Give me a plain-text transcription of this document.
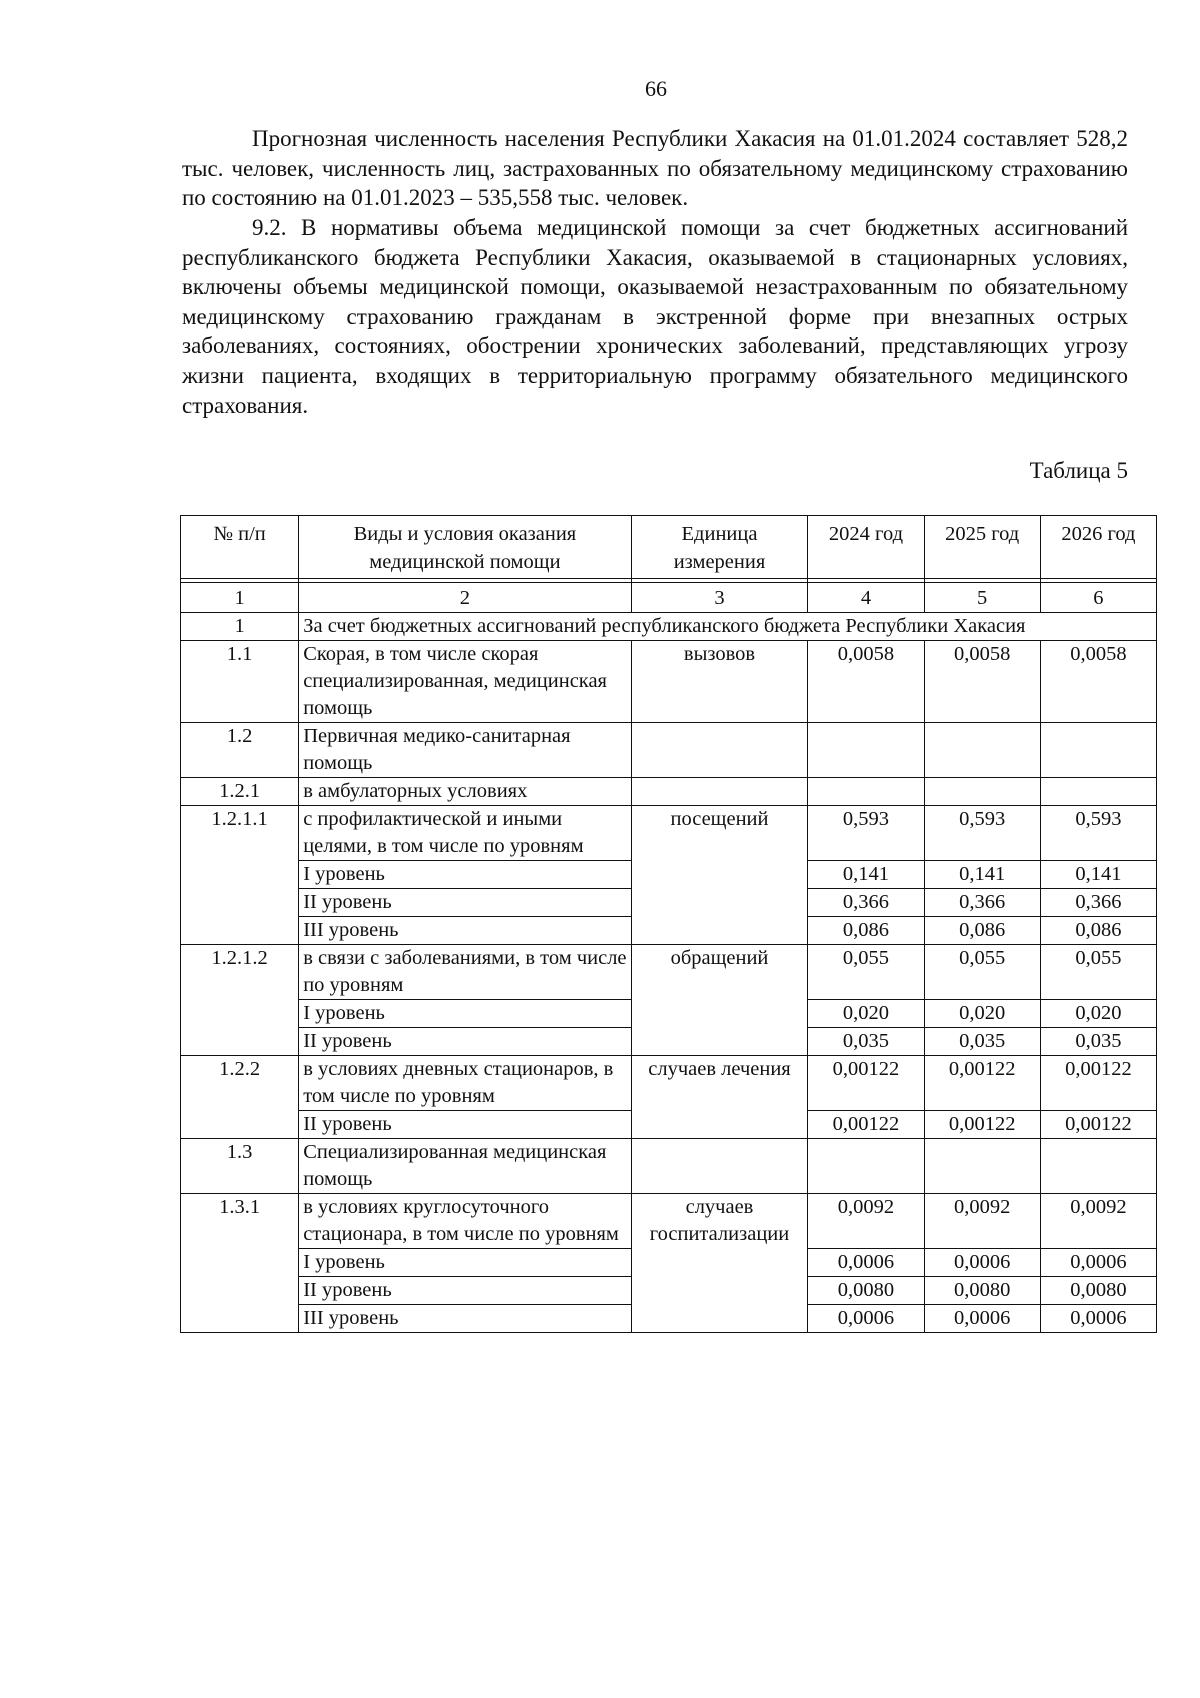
66

Прогнозная численность населения Республики Хакасия на 01.01.2024 составляет 528,2 тыс. человек, численность лиц, застрахованных по обязательному медицинскому страхованию по состоянию на 01.01.2023 – 535,558 тыс. человек.

9.2. В нормативы объема медицинской помощи за счет бюджетных ассигнований республиканского бюджета Республики Хакасия, оказываемой в стационарных условиях, включены объемы медицинской помощи, оказываемой незастрахованным по обязательному медицинскому страхованию гражданам в экстренной форме при внезапных острых заболеваниях, состояниях, обострении хронических заболеваний, представляющих угрозу жизни пациента, входящих в территориальную программу обязательного медицинского страхования.

Таблица 5
№ п/п	Виды и условия оказания медицинской помощи	Единица измерения	2024 год	2025 год	2026 год

1	2	3	4	5	6
1	За счет бюджетных ассигнований республиканского бюджета Республики Хакасия				
1.1	Скорая, в том числе скорая специализированная, медицинская помощь	вызовов	0,0058	0,0058	0,0058
1.2	Первичная медико-санитарная помощь				
1.2.1	в амбулаторных условиях				
1.2.1.1	с профилактической и иными целями, в том числе по уровням	посещений	0,593	0,593	0,593
	I уровень		0,141	0,141	0,141
	II уровень		0,366	0,366	0,366
	III уровень		0,086	0,086	0,086
1.2.1.2	в связи с заболеваниями, в том числе по уровням	обращений	0,055	0,055	0,055
	I уровень		0,020	0,020	0,020
	II уровень		0,035	0,035	0,035
1.2.2	в условиях дневных стационаров, в том числе по уровням	случаев лечения	0,00122	0,00122	0,00122
	II уровень		0,00122	0,00122	0,00122
1.3	Специализированная медицинская помощь				
1.3.1	в условиях круглосуточного стационара, в том числе по уровням	случаев госпитализации	0,0092	0,0092	0,0092
	I уровень		0,0006	0,0006	0,0006
	II уровень		0,0080	0,0080	0,0080
	III уровень		0,0006	0,0006	0,0006
